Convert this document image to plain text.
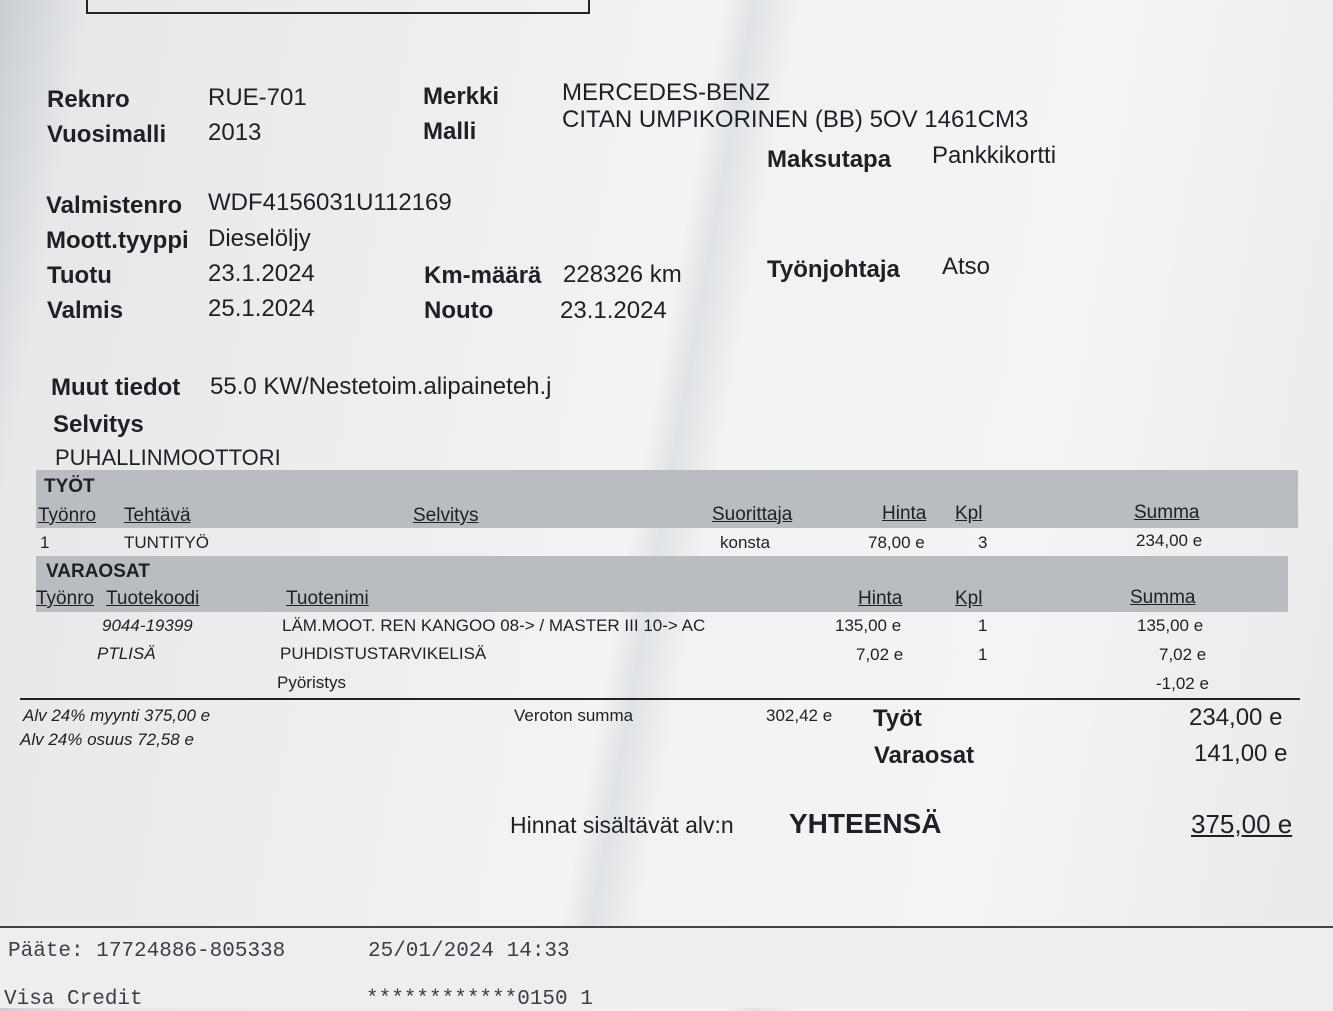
Reknro	RUE-701
Vuosimalli 2013
Merkki	MERCEDES-BENZ
Malli	CITAN UMPIKORINEN (BB) 5OV 1461CM3
Maksutapa Pankkikortti
Valmistenro WDF4156031U112169
Moott.tyyppi Dieselöljy
Tuotu	23.1.2024
Valmis	25.1.2024
Km-määrä 228326 km
Nouto	23.1.2024
Työnjohtaja Atso
Muut tiedot 55.0 KW/Nestetoim.alipaineteh.j
Selvitys
PUHALLINMOOTTORI
TYÖT
Työnro Tehtävä	Selvitys	Suorittaja	Hinta Kpl	Summa
1	TUNTITYÖ	konsta	78,00 e	3	234,00 e
VARAOSAT
Työnro Tuotekoodi	Tuotenimi	Hinta	Kpl	Summa
9044-19399	LÄM.MOOT. REN KANGOO 08-> / MASTER III 10-> AC	135,00 e	1	135,00 e
PTLISÄ	PUHDISTUSTARVIKELISÄ	7,02 e	1	7,02 e
Pyöristys	-1,02 e
Alv 24% myynti 375,00 e
Alv 24% osuus 72,58 e
Veroton summa	302,42 e Työt	234,00 e
Varaosat	141,00 e
Hinnat sisältävät alv:n YHTEENSÄ	375,00 e
Pääte: 17724886-805338	25/01/2024 14:33
Visa Credit	************0150 1
